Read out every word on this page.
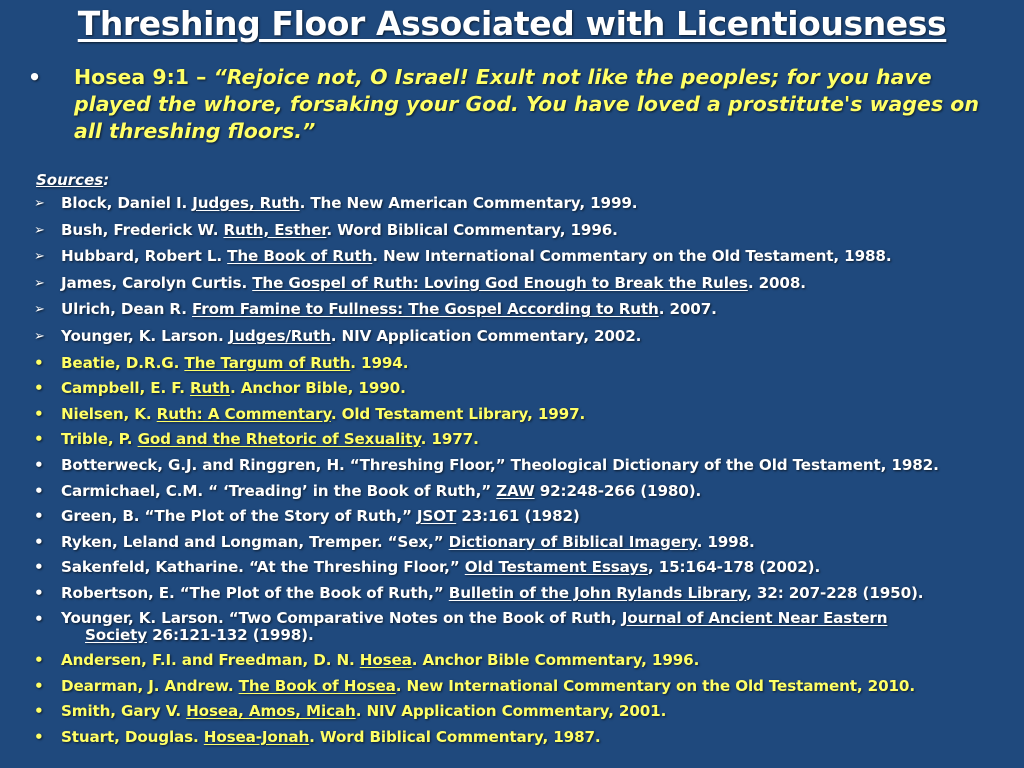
Threshing Floor Associated with Licentiousness
•	Hosea 9:1 – “Rejoice not, O Israel! Exult not like the peoples; for you have played the whore, forsaking your God. You have loved a prostitute's wages on all threshing floors.”
Sources:
➢	Block, Daniel I. Judges, Ruth. The New American Commentary, 1999.
➢	Bush, Frederick W. Ruth, Esther. Word Biblical Commentary, 1996.
➢	Hubbard, Robert L. The Book of Ruth. New International Commentary on the Old Testament, 1988.
➢	James, Carolyn Curtis. The Gospel of Ruth: Loving God Enough to Break the Rules. 2008.
➢	Ulrich, Dean R. From Famine to Fullness: The Gospel According to Ruth. 2007.
➢	Younger, K. Larson. Judges/Ruth. NIV Application Commentary, 2002.
•	Beatie, D.R.G. The Targum of Ruth. 1994.
•	Campbell, E. F. Ruth. Anchor Bible, 1990.
•	Nielsen, K. Ruth: A Commentary. Old Testament Library, 1997.
•	Trible, P. God and the Rhetoric of Sexuality. 1977.
•	Botterweck, G.J. and Ringgren, H. “Threshing Floor,” Theological Dictionary of the Old Testament, 1982.
•	Carmichael, C.M. “ ‘Treading’ in the Book of Ruth,” ZAW 92:248-266 (1980).
•	Green, B. “The Plot of the Story of Ruth,” JSOT 23:161 (1982)
•	Ryken, Leland and Longman, Tremper. “Sex,” Dictionary of Biblical Imagery. 1998.
•	Sakenfeld, Katharine. “At the Threshing Floor,” Old Testament Essays, 15:164-178 (2002).
•	Robertson, E. “The Plot of the Book of Ruth,” Bulletin of the John Rylands Library, 32: 207-228 (1950).
•	Younger, K. Larson. “Two Comparative Notes on the Book of Ruth, Journal of Ancient Near Eastern
Society 26:121-132 (1998).
•	Andersen, F.I. and Freedman, D. N. Hosea. Anchor Bible Commentary, 1996.
•	Dearman, J. Andrew. The Book of Hosea. New International Commentary on the Old Testament, 2010.
•	Smith, Gary V. Hosea, Amos, Micah. NIV Application Commentary, 2001.
•	Stuart, Douglas. Hosea-Jonah. Word Biblical Commentary, 1987.
